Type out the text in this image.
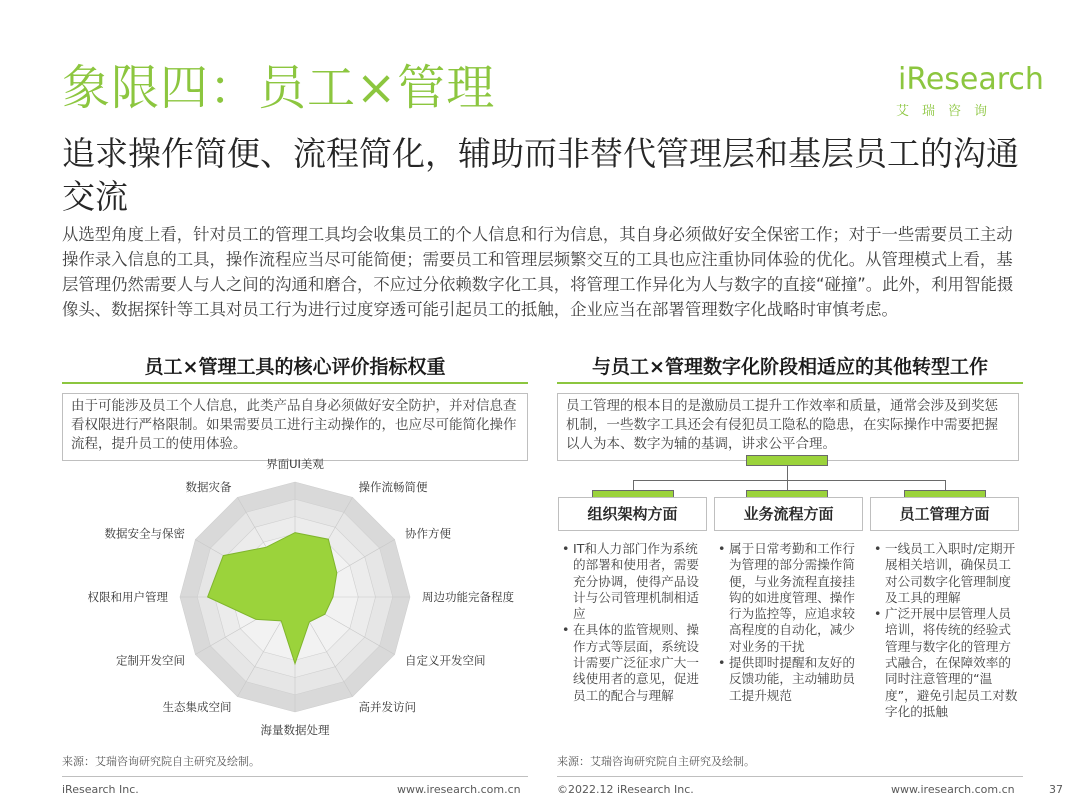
象限四：员工×管理	iResearch
艾瑞咨询
追求操作简便、流程简化，辅助而非替代管理层和基层员工的沟通交流
从选型角度上看，针对员工的管理工具均会收集员工的个人信息和行为信息，其自身必须做好安全保密工作；对于一些需要员工主动操作录入信息的工具，操作流程应当尽可能简便；需要员工和管理层频繁交互的工具也应注重协同体验的优化。从管理模式上看，基层管理仍然需要人与人之间的沟通和磨合，不应过分依赖数字化工具，将管理工作异化为人与数字的直接“碰撞”。此外，利用智能摄像头、数据探针等工具对员工行为进行过度穿透可能引起员工的抵触，企业应当在部署管理数字化战略时审慎考虑。
员工×管理工具的核心评价指标权重
由于可能涉及员工个人信息，此类产品自身必须做好安全防护，并对信息查看权限进行严格限制。如果需要员工进行主动操作的，也应尽可能简化操作流程，提升员工的使用体验。
界面UI美观
操作流畅简便
协作方便
周边功能完备程度
自定义开发空间
高并发访问
海量数据处理
生态集成空间
定制开发空间
权限和用户管理
数据安全与保密
数据灾备
来源：艾瑞咨询研究院自主研究及绘制。
与员工×管理数字化阶段相适应的其他转型工作
员工管理的根本目的是激励员工提升工作效率和质量，通常会涉及到奖惩机制，一些数字工具还会有侵犯员工隐私的隐患，在实际操作中需要把握以人为本、数字为辅的基调，讲求公平合理。
组织架构方面	业务流程方面	员工管理方面
• IT和人力部门作为系统的部署和使用者，需要充分协调，使得产品设计与公司管理机制相适应
• 在具体的监管规则、操作方式等层面，系统设计需要广泛征求广大一线使用者的意见，促进员工的配合与理解
• 属于日常考勤和工作行为管理的部分需操作简便，与业务流程直接挂钩的如进度管理、操作行为监控等，应追求较高程度的自动化，减少对业务的干扰
• 提供即时提醒和友好的反馈功能，主动辅助员工提升规范
• 一线员工入职时/定期开展相关培训，确保员工对公司数字化管理制度及工具的理解
• 广泛开展中层管理人员培训，将传统的经验式管理与数字化的管理方式融合，在保障效率的同时注意管理的“温度”，避免引起员工对数字化的抵触
来源：艾瑞咨询研究院自主研究及绘制。
iResearch Inc.	www.iresearch.com.cn	©2022.12 iResearch Inc.	www.iresearch.com.cn	37
